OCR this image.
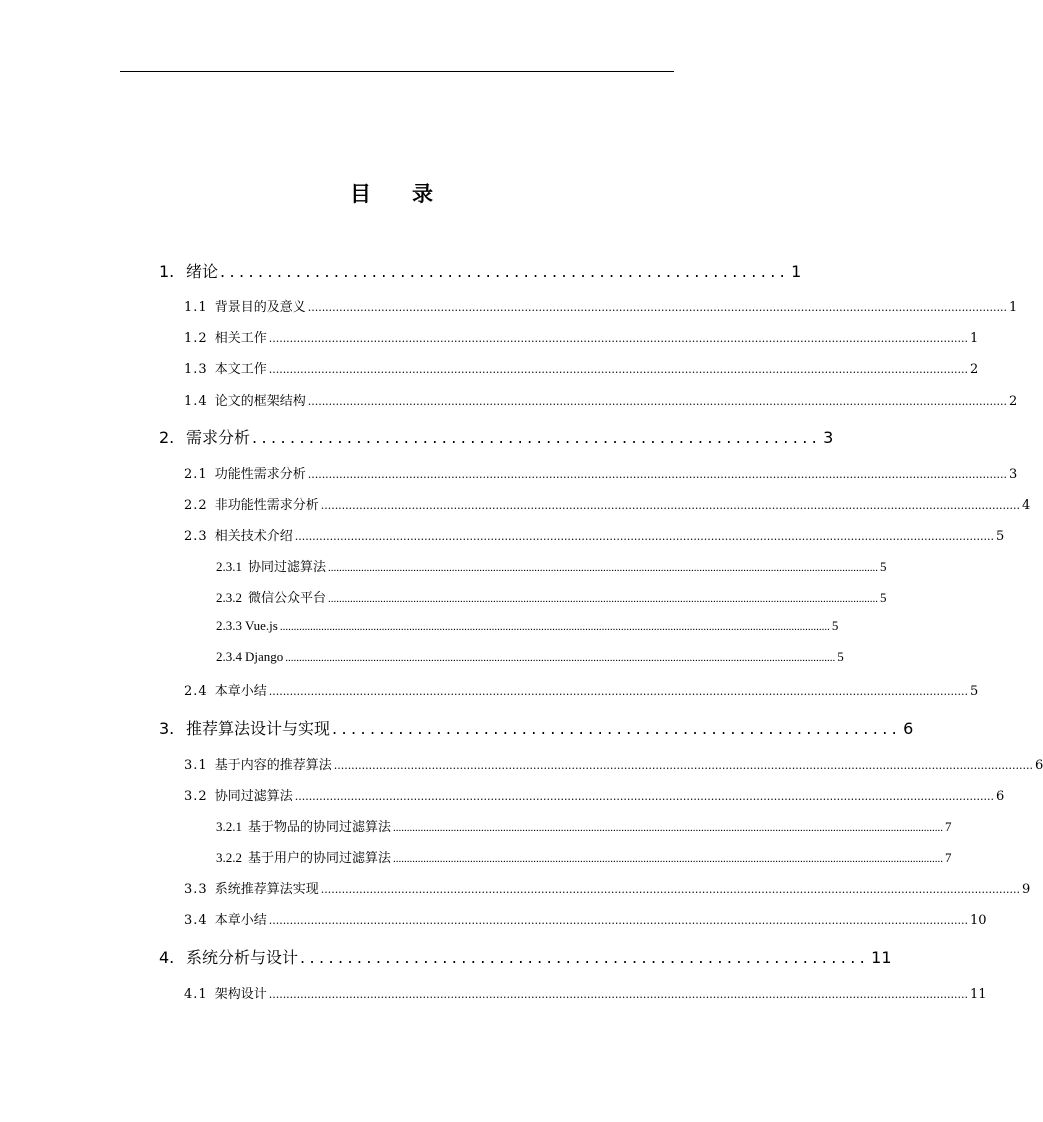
目　录
1. 绪论 ............................................................ 1
1.1 背景目的及意义 ........................................................................................................................................................................................................ 1
1.2 相关工作 ........................................................................................................................................................................................................ 1
1.3 本文工作 ........................................................................................................................................................................................................ 2
1.4 论文的框架结构 ........................................................................................................................................................................................................ 2
2. 需求分析 ............................................................ 3
2.1 功能性需求分析 ........................................................................................................................................................................................................ 3
2.2 非功能性需求分析 ........................................................................................................................................................................................................ 4
2.3 相关技术介绍 ........................................................................................................................................................................................................ 5
2.3.1 协同过滤算法 ........................................................................................................................................................................................................ 5
2.3.2 微信公众平台 ........................................................................................................................................................................................................ 5
2.3.3 Vue.js ........................................................................................................................................................................................................ 5
2.3.4 Django ........................................................................................................................................................................................................ 5
2.4 本章小结 ........................................................................................................................................................................................................ 5
3. 推荐算法设计与实现 ............................................................ 6
3.1 基于内容的推荐算法 ........................................................................................................................................................................................................ 6
3.2 协同过滤算法 ........................................................................................................................................................................................................ 6
3.2.1 基于物品的协同过滤算法 ........................................................................................................................................................................................................ 7
3.2.2 基于用户的协同过滤算法 ........................................................................................................................................................................................................ 7
3.3 系统推荐算法实现 ........................................................................................................................................................................................................ 9
3.4 本章小结 ........................................................................................................................................................................................................ 10
4. 系统分析与设计 ............................................................ 11
4.1 架构设计 ........................................................................................................................................................................................................ 11
